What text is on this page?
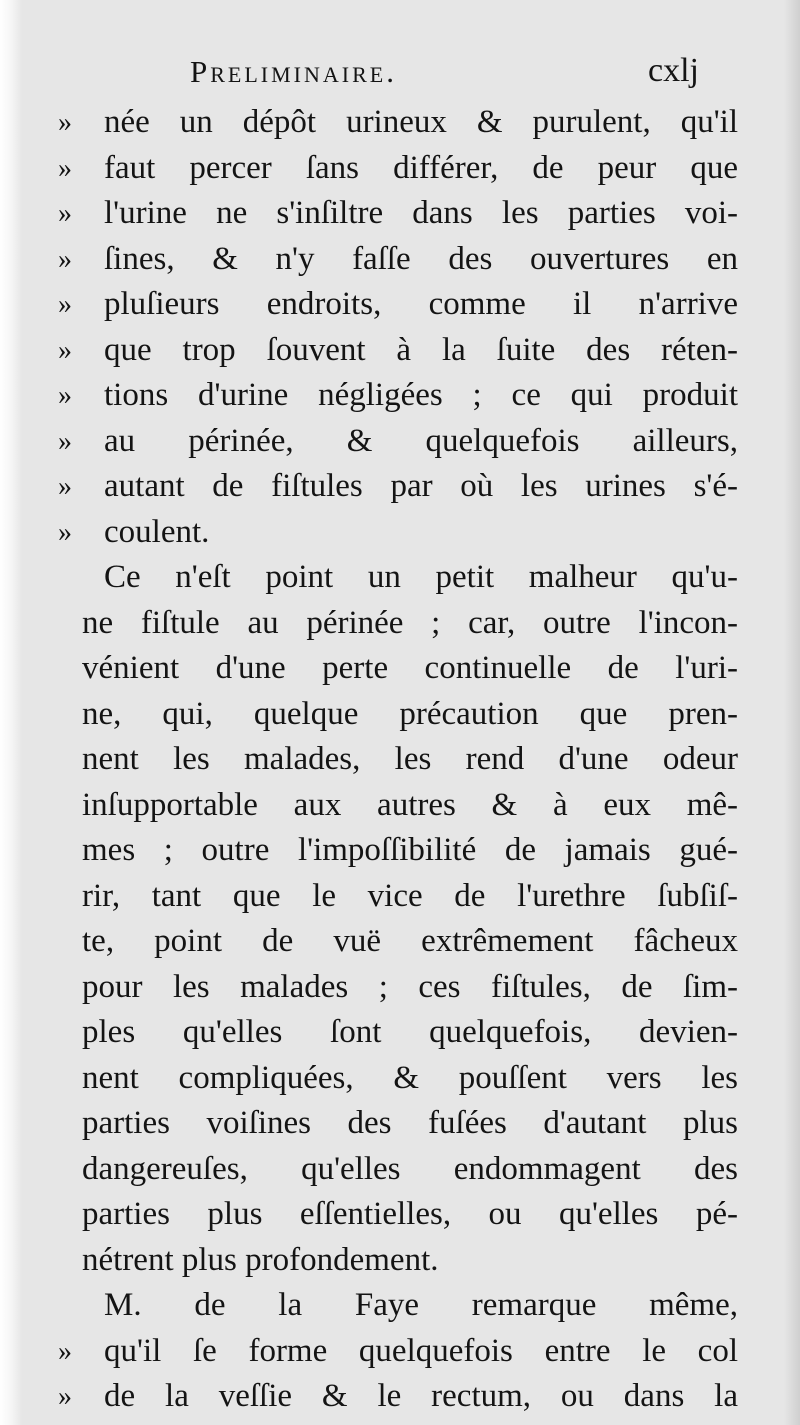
Preliminaire.	cxlj
» née un dépôt urineux & purulent, qu'il
» faut percer ſans différer, de peur que
» l'urine ne s'inſiltre dans les parties voi-
» ſines, & n'y faſſe des ouvertures en
» pluſieurs endroits, comme il n'arrive
» que trop ſouvent à la ſuite des réten-
» tions d'urine négligées ; ce qui produit
» au périnée, & quelquefois ailleurs,
» autant de fiſtules par où les urines s'é-
» coulent.
Ce n'eſt point un petit malheur qu'u-
ne fiſtule au périnée ; car, outre l'incon-
vénient d'une perte continuelle de l'uri-
ne, qui, quelque précaution que pren-
nent les malades, les rend d'une odeur
inſupportable aux autres & à eux mê-
mes ; outre l'impoſſibilité de jamais gué-
rir, tant que le vice de l'urethre ſubſiſ-
te, point de vuë extrêmement fâcheux
pour les malades ; ces fiſtules, de ſim-
ples qu'elles ſont quelquefois, devien-
nent compliquées, & pouſſent vers les
parties voiſines des fuſées d'autant plus
dangereuſes, qu'elles endommagent des
parties plus eſſentielles, ou qu'elles pé-
nétrent plus profondement.
M. de la Faye remarque même,
» qu'il ſe forme quelquefois entre le col
» de la veſſie & le rectum, ou dans la
